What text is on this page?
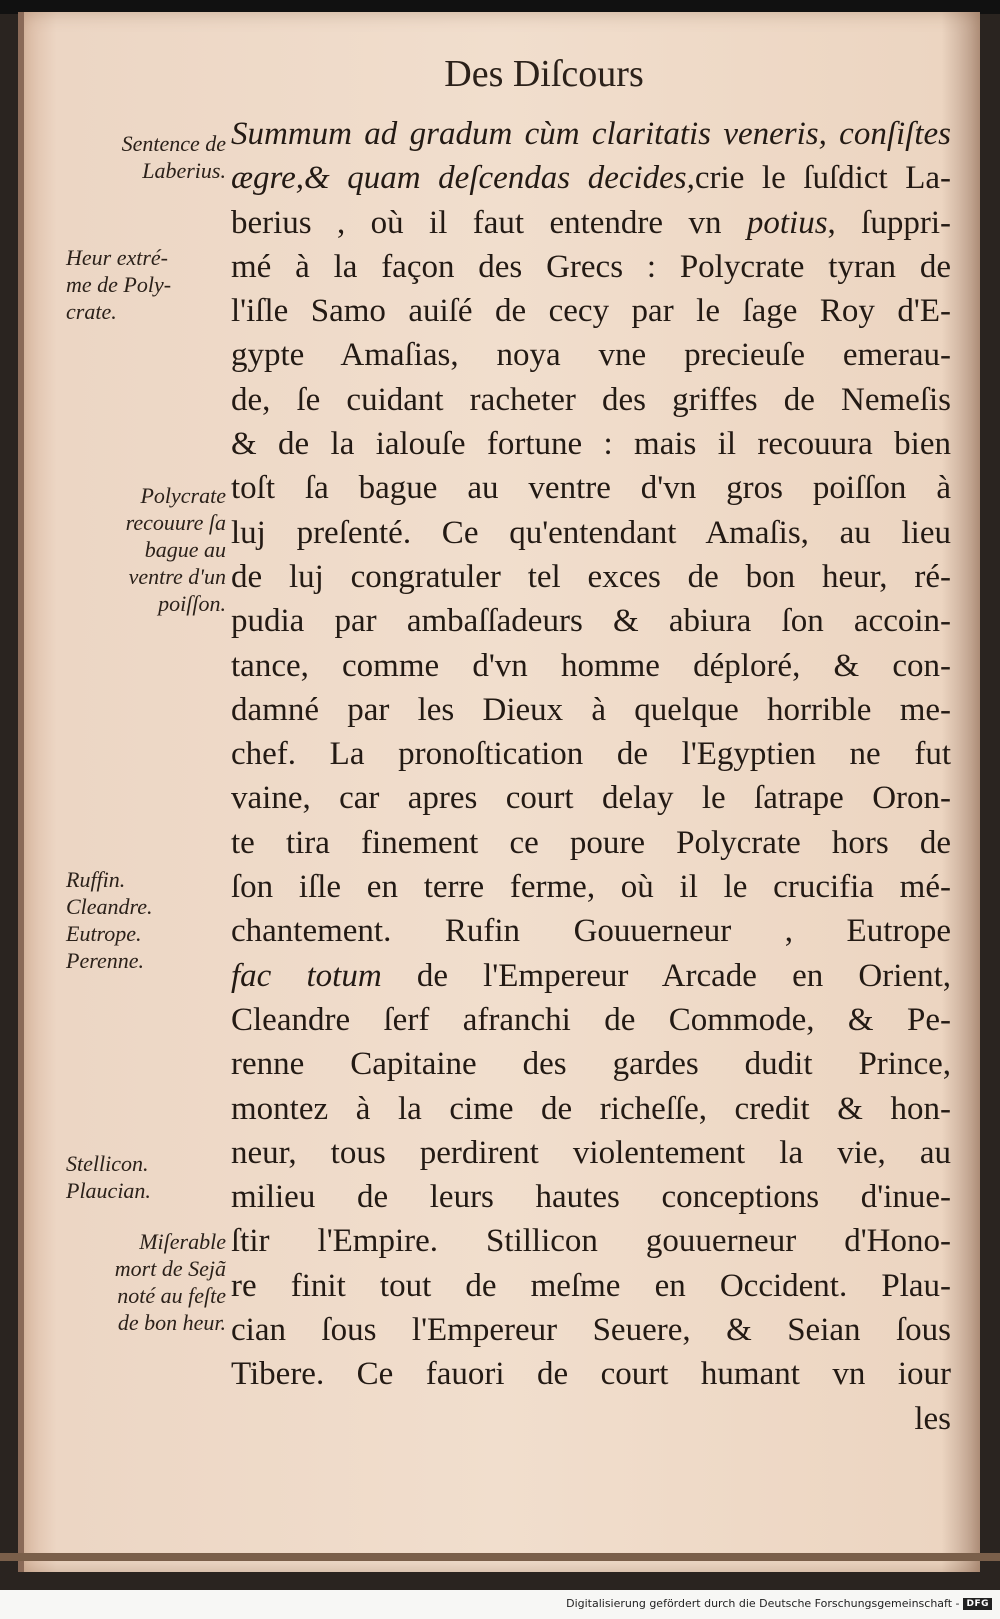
Des Diſcours
Summum ad gradum cùm claritatis veneris, conſiſtes
ægre,& quam deſcendas decides,crie le ſuſdict La-
berius , où il faut entendre vn potius, ſuppri-
mé à la façon des Grecs : Polycrate tyran de
l'iſle Samo auiſé de cecy par le ſage Roy d'E-
gypte Amaſias, noya vne precieuſe emerau-
de, ſe cuidant racheter des griffes de Nemeſis
& de la ialouſe fortune : mais il recouura bien
toſt ſa bague au ventre d'vn gros poiſſon à
luj preſenté. Ce qu'entendant Amaſis, au lieu
de luj congratuler tel exces de bon heur, ré-
pudia par ambaſſadeurs & abiura ſon accoin-
tance, comme d'vn homme déploré, & con-
damné par les Dieux à quelque horrible me-
chef. La pronoſtication de l'Egyptien ne fut
vaine, car apres court delay le ſatrape Oron-
te tira finement ce poure Polycrate hors de
ſon iſle en terre ferme, où il le crucifia mé-
chantement. Rufin Gouuerneur , Eutrope
fac totum de l'Empereur Arcade en Orient,
Cleandre ſerf afranchi de Commode, & Pe-
renne Capitaine des gardes dudit Prince,
montez à la cime de richeſſe, credit & hon-
neur, tous perdirent violentement la vie, au
milieu de leurs hautes conceptions d'inue-
ſtir l'Empire. Stillicon gouuerneur d'Hono-
re finit tout de meſme en Occident. Plau-
cian ſous l'Empereur Seuere, & Seian ſous
Tibere. Ce fauori de court humant vn iour
les
Sentence de
Laberius.
Heur extré-
me de Poly-
crate.
Polycrate
recouure ſa
bague au
ventre d'un
poiſſon.
Ruffin.
Cleandre.
Eutrope.
Perenne.
Stellicon.
Plaucian.
Miſerable
mort de Sejã
noté au feſte
de bon heur.
Digitalisierung gefördert durch die Deutsche Forschungsgemeinschaft - DFG
